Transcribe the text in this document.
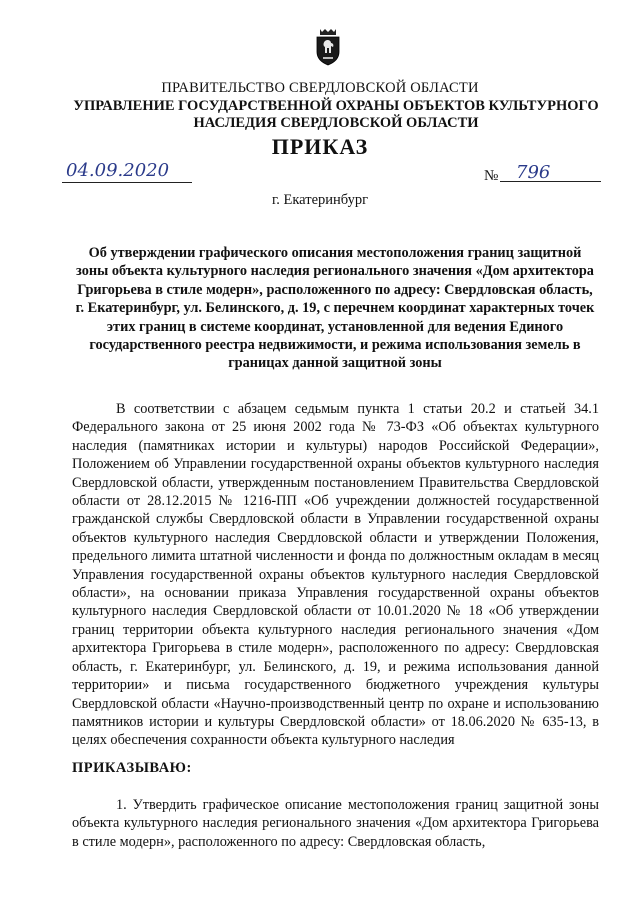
ПРАВИТЕЛЬСТВО СВЕРДЛОВСКОЙ ОБЛАСТИ
УПРАВЛЕНИЕ ГОСУДАРСТВЕННОЙ ОХРАНЫ ОБЪЕКТОВ КУЛЬТУРНОГО НАСЛЕДИЯ СВЕРДЛОВСКОЙ ОБЛАСТИ
ПРИКАЗ
04.09.2020	№ 796
г. Екатеринбург
Об утверждении графического описания местоположения границ защитной зоны объекта культурного наследия регионального значения «Дом архитектора Григорьева в стиле модерн», расположенного по адресу: Свердловская область, г. Екатеринбург, ул. Белинского, д. 19, с перечнем координат характерных точек этих границ в системе координат, установленной для ведения Единого государственного реестра недвижимости, и режима использования земель в границах данной защитной зоны

В соответствии с абзацем седьмым пункта 1 статьи 20.2 и статьей 34.1 Федерального закона от 25 июня 2002 года № 73-ФЗ «Об объектах культурного наследия (памятниках истории и культуры) народов Российской Федерации», Положением об Управлении государственной охраны объектов культурного наследия Свердловской области, утвержденным постановлением Правительства Свердловской области от 28.12.2015 № 1216-ПП «Об учреждении должностей государственной гражданской службы Свердловской области в Управлении государственной охраны объектов культурного наследия Свердловской области и утверждении Положения, предельного лимита штатной численности и фонда по должностным окладам в месяц Управления государственной охраны объектов культурного наследия Свердловской области», на основании приказа Управления государственной охраны объектов культурного наследия Свердловской области от 10.01.2020 № 18 «Об утверждении границ территории объекта культурного наследия регионального значения «Дом архитектора Григорьева в стиле модерн», расположенного по адресу: Свердловская область, г. Екатеринбург, ул. Белинского, д. 19, и режима использования данной территории» и письма государственного бюджетного учреждения культуры Свердловской области «Научно-производственный центр по охране и использованию памятников истории и культуры Свердловской области» от 18.06.2020 № 635-13, в целях обеспечения сохранности объекта культурного наследия

ПРИКАЗЫВАЮ:

1. Утвердить графическое описание местоположения границ защитной зоны объекта культурного наследия регионального значения «Дом архитектора Григорьева в стиле модерн», расположенного по адресу: Свердловская область,
